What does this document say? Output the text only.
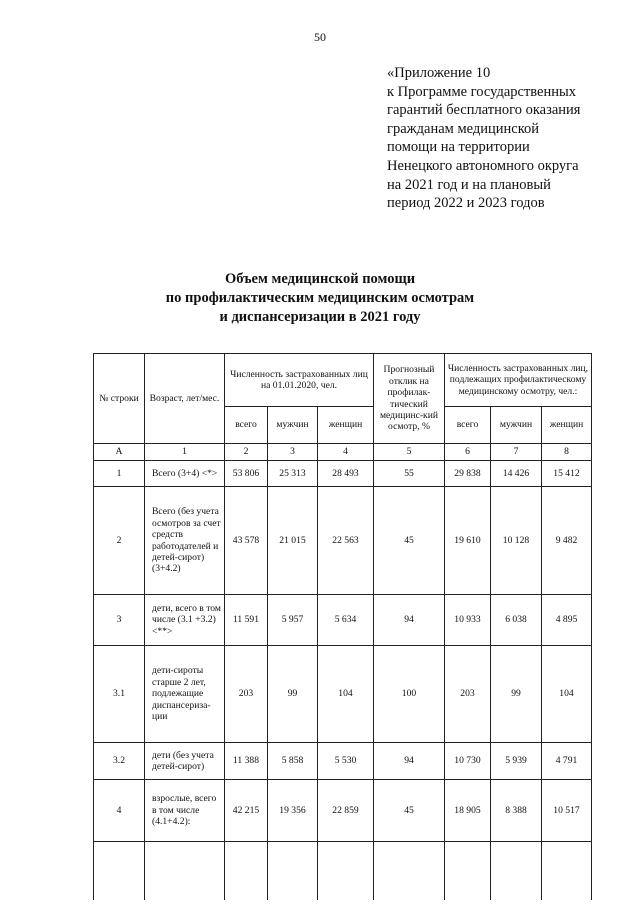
50
«Приложение 10
к Программе государственных
гарантий бесплатного оказания
гражданам медицинской
помощи на территории
Ненецкого автономного округа
на 2021 год и на плановый
период 2022 и 2023 годов
Объем медицинской помощи
по профилактическим медицинским осмотрам
и диспансеризации в 2021 году
№ строки	Возраст, лет/мес.	Численность застрахованных лиц на 01.01.2020, чел.			Прогнозный отклик на профилак-тический медицинс-кий осмотр, %	Численность застрахованных лиц, подлежащих профилактическому медицинскому осмотру, чел.:		
		всего	мужчин	женщин		всего	мужчин	женщин
А	1	2	3	4	5	6	7	8
1	Всего (3+4) <*>	53 806	25 313	28 493	55	29 838	14 426	15 412
2	Всего (без учета осмотров за счет средств работодателей и детей-сирот) (3+4.2)	43 578	21 015	22 563	45	19 610	10 128	9 482
3	дети, всего в том числе (3.1 +3.2) <**>	11 591	5 957	5 634	94	10 933	6 038	4 895
3.1	дети-сироты старше 2 лет, подлежащие диспансериза-ции	203	99	104	100	203	99	104
3.2	дети (без учета детей-сирот)	11 388	5 858	5 530	94	10 730	5 939	4 791
4	взрослые, всего в том числе (4.1+4.2):	42 215	19 356	22 859	45	18 905	8 388	10 517
